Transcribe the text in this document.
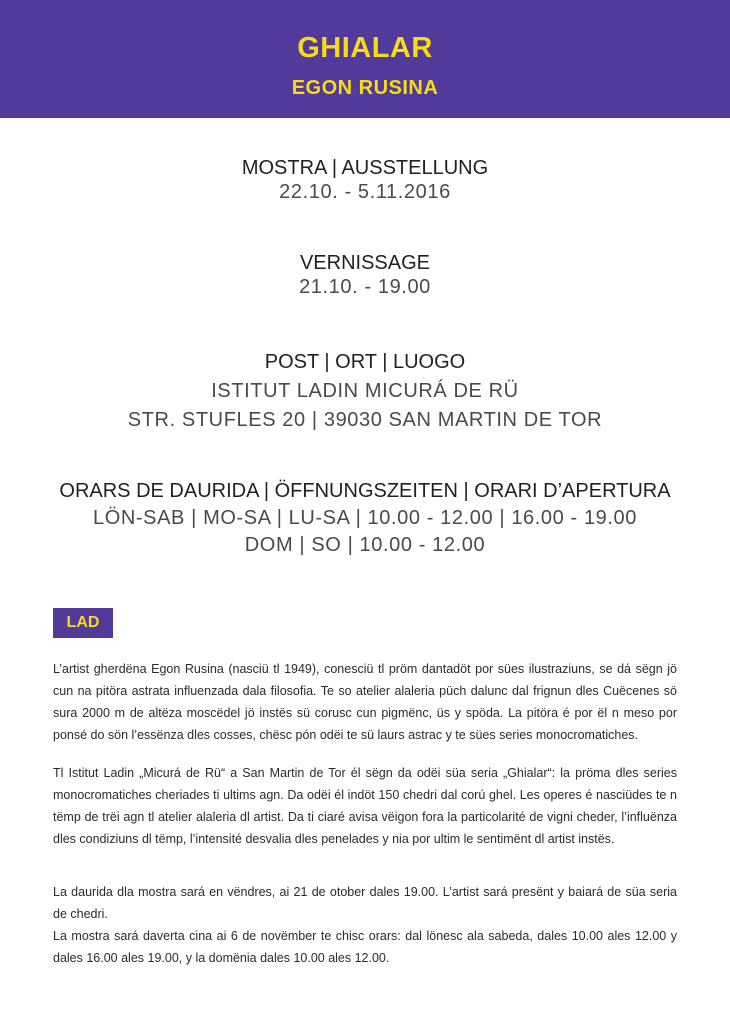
GHIALAR
EGON RUSINA
MOSTRA | AUSSTELLUNG
22.10. - 5.11.2016
VERNISSAGE
21.10. - 19.00
POST | ORT | LUOGO
ISTITUT LADIN MICURÁ DE RÜ
STR. STUFLES 20 | 39030 SAN MARTIN DE TOR
ORARS DE DAURIDA | ÖFFNUNGSZEITEN | ORARI D’APERTURA
LÖN-SAB | MO-SA | LU-SA | 10.00 - 12.00 | 16.00 - 19.00
DOM | SO | 10.00 - 12.00
LAD

L’artist gherdëna Egon Rusina (nasciü tl 1949), conesciü tl pröm dantadöt por sües ilustraziuns, se dá sëgn jö cun na pitöra astrata influenzada dala filosofia. Te so atelier alaleria püch dalunc dal frignun dles Cuëcenes sö sura 2000 m de altëza moscëdel jö instës sü corusc cun pigmënc, üs y spöda. La pitöra é por ël n meso por ponsé do sön l’essënza dles cosses, chësc pón odëi te sü laurs astrac y te sües series monocromatiches.

Tl Istitut Ladin „Micurá de Rü“ a San Martin de Tor él sëgn da odëi süa seria „Ghialar“: la pröma dles series monocromatiches cheriades ti ultims agn. Da odëi él indöt 150 chedri dal corú ghel. Les operes é nasciüdes te n tëmp de trëi agn tl atelier alaleria dl artist. Da ti ciaré avisa vëigon fora la particolarité de vigni cheder, l’influënza dles condiziuns dl tëmp, l’intensité desvalia dles penelades y nia por ultim le sentimënt dl artist instës.

La daurida dla mostra sará en vëndres, ai 21 de otober dales 19.00. L’artist sará presënt y baiará de süa seria de chedri.

La mostra sará daverta cina ai 6 de novëmber te chisc orars: dal lönesc ala sabeda, dales 10.00 ales 12.00 y dales 16.00 ales 19.00, y la domënia dales 10.00 ales 12.00.
